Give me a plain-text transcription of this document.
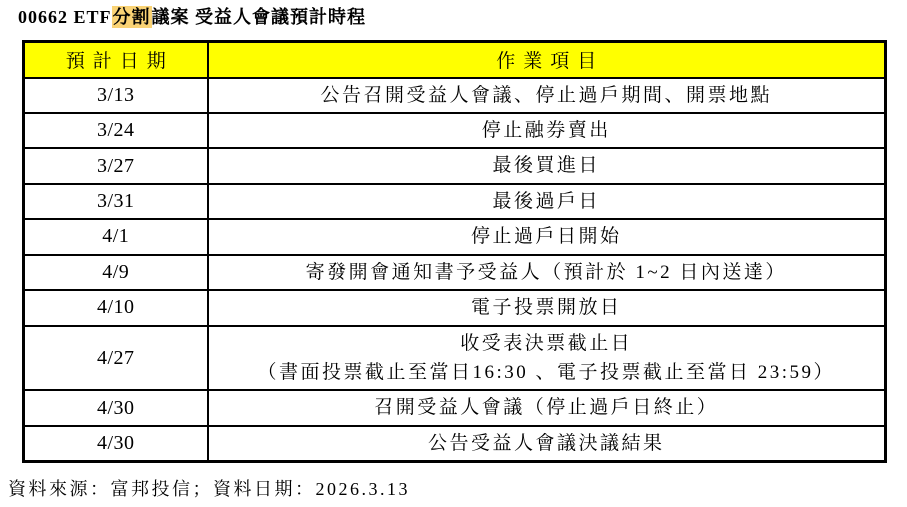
00662 ETF分割議案 受益人會議預計時程
預計日期	作業項目
3/13	公告召開受益人會議、停止過戶期間、開票地點

3/24	停止融券賣出

3/27	最後買進日

3/31	最後過戶日

4/1	停止過戶日開始

4/9	寄發開會通知書予受益人（預計於 1~2 日內送達）

4/10	電子投票開放日

4/27	收受表決票截止日
（書面投票截止至當日16:30 、電子投票截止至當日 23:59）

4/30	召開受益人會議（停止過戶日終止）

4/30	公告受益人會議決議結果
資料來源：富邦投信；資料日期：2026.3.13
